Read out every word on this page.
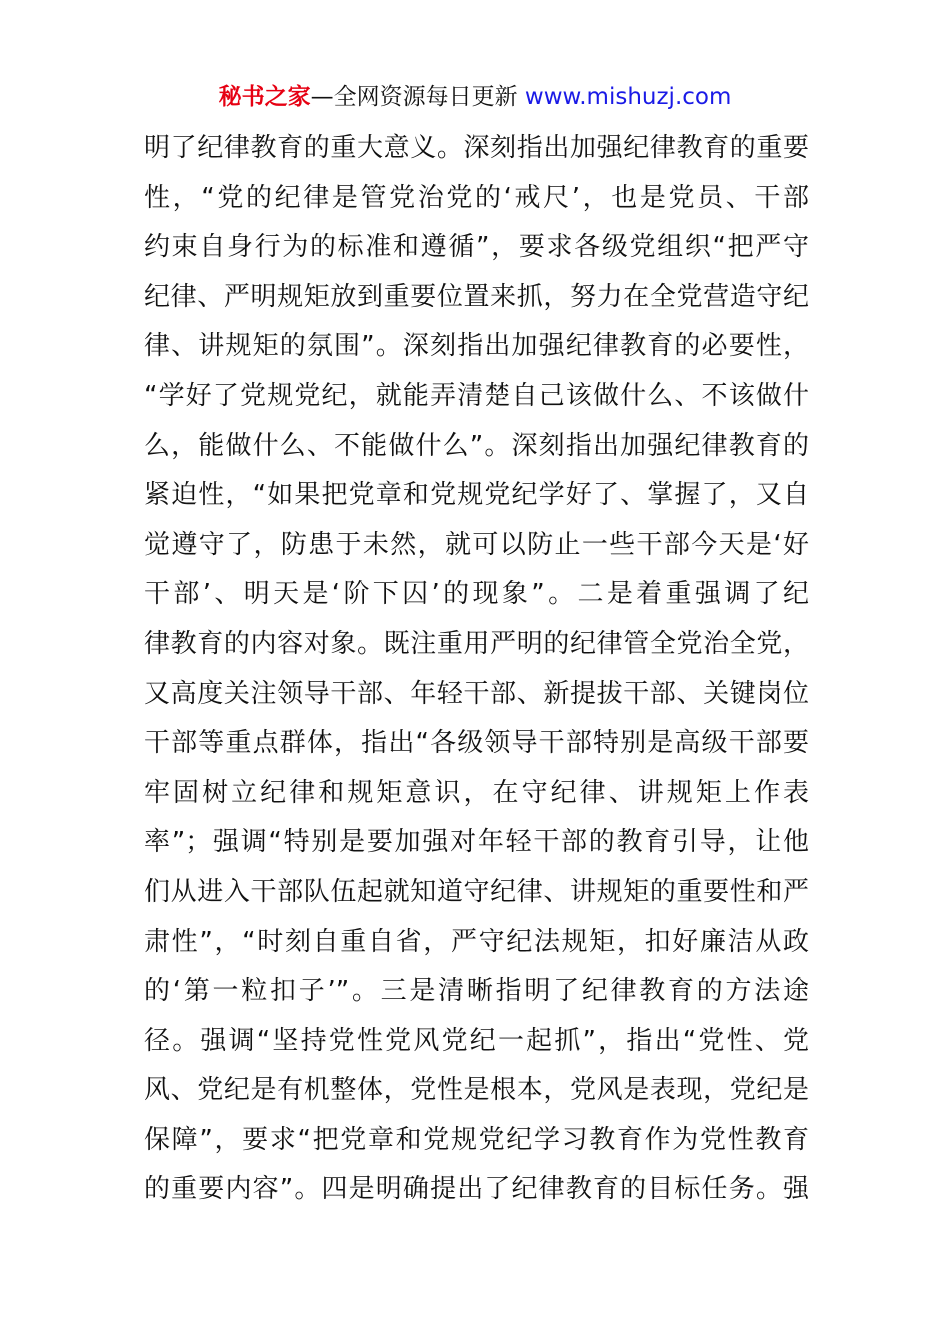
秘书之家—全网资源每日更新 www.mishuzj.com
明了纪律教育的重大意义。深刻指出加强纪律教育的重要
性，“党的纪律是管党治党的‘戒尺’，也是党员、干部
约束自身行为的标准和遵循”，要求各级党组织“把严守
纪律、严明规矩放到重要位置来抓，努力在全党营造守纪
律、讲规矩的氛围”。深刻指出加强纪律教育的必要性，
“学好了党规党纪，就能弄清楚自己该做什么、不该做什
么，能做什么、不能做什么”。深刻指出加强纪律教育的
紧迫性，“如果把党章和党规党纪学好了、掌握了，又自
觉遵守了，防患于未然，就可以防止一些干部今天是‘好
干部’、明天是‘阶下囚’的现象”。二是着重强调了纪
律教育的内容对象。既注重用严明的纪律管全党治全党，
又高度关注领导干部、年轻干部、新提拔干部、关键岗位
干部等重点群体，指出“各级领导干部特别是高级干部要
牢固树立纪律和规矩意识，在守纪律、讲规矩上作表
率”；强调“特别是要加强对年轻干部的教育引导，让他
们从进入干部队伍起就知道守纪律、讲规矩的重要性和严
肃性”，“时刻自重自省，严守纪法规矩，扣好廉洁从政
的‘第一粒扣子’”。三是清晰指明了纪律教育的方法途
径。强调“坚持党性党风党纪一起抓”，指出“党性、党
风、党纪是有机整体，党性是根本，党风是表现，党纪是
保障”，要求“把党章和党规党纪学习教育作为党性教育
的重要内容”。四是明确提出了纪律教育的目标任务。强
